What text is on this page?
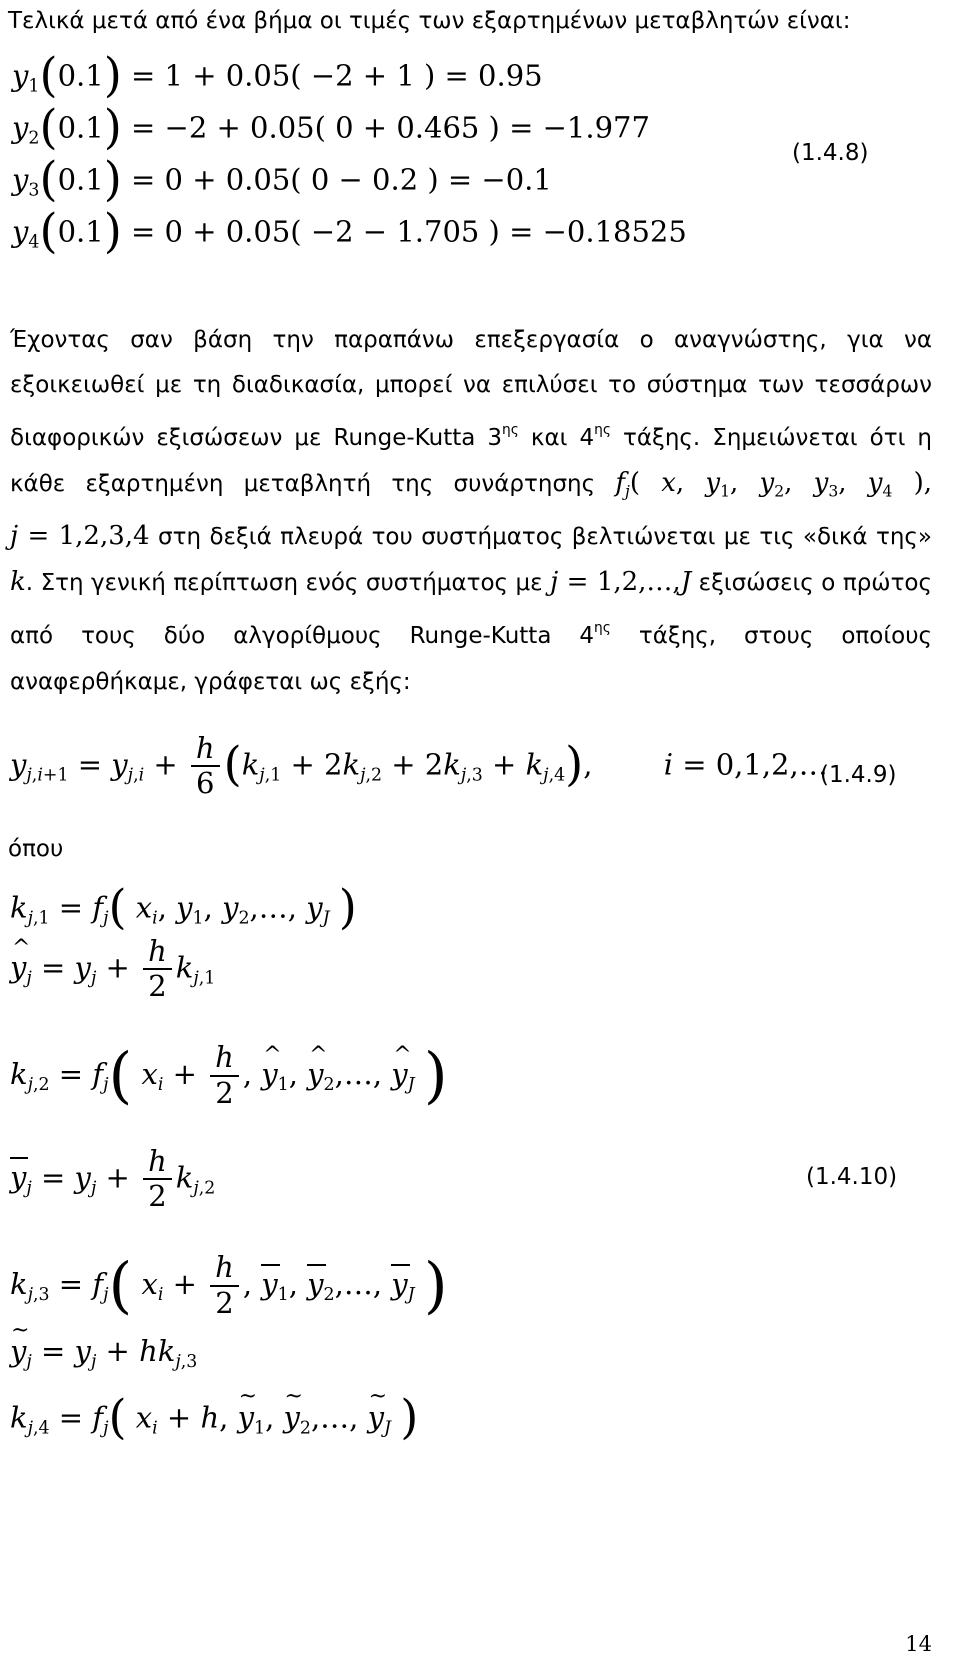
Τελικά μετά από ένα βήμα οι τιμές των εξαρτημένων μεταβλητών είναι:
$y_1(0.1) = 1 + 0.05( -2 + 1$ ) = 0.95
$y_2(0.1) = -2 + 0.05$( 0 + 0.465 ) = −1.977
$y_3(0.1) = 0 + 0.05$( 0 − 0.2 ) = −0.1
$y_4(0.1) = 0 + 0.05( -2 - 1.705$ ) = −0.18525
(1.4.8)
Έχοντας σαν βάση την παραπάνω επεξεργασία ο αναγνώστης, για να εξοικειωθεί με τη διαδικασία, μπορεί να επιλύσει το σύστημα των τεσσάρων διαφορικών εξισώσεων με Runge-Kutta $3^{\eta\varsigma}$ και $4^{\eta\varsigma}$ τάξης. Σημειώνεται ότι η κάθε εξαρτημένη μεταβλητή της συνάρτησης $f_j$( x, $y_1$, $y_2$, $y_3$, $y_4$ ), j = 1,2,3,4 στη δεξιά πλευρά του συστήματος βελτιώνεται με τις «δικά της» k. Στη γενική περίπτωση ενός συστήματος με j = 1,2,…,J εξισώσεις ο πρώτος από τους δύο αλγορίθμους Runge-Kutta $4^{\eta\varsigma}$ τάξης, στους οποίους αναφερθήκαμε, γράφεται ως εξής:
$y_{j,i+1} = y_{j,i} + \frac{h}{6} (k_{j,1} + 2k_{j,2} + 2k_{j,3} + k_{j,4})$, i = 0,1,2,…
(1.4.9)
όπου
$k_{j,1} = f_j$( $x_i$, $y_1$, $y_2,\dots$, $y_J$ )
y $\^{}_j = y_j + \frac{h}{2} k_{j,1}$
$k_{j,2} = f_j$( $x_i + \frac{h}{2}$ , y $\^{}_1$, y $\^{}_2,\dots$, y $\^{}_J$ )
$y_j = y_j + \frac{h}{2} k_{j,2}$	(1.4.10)
$k_{j,3} = f_j$( $x_i + \frac{h}{2}$ , $y_1$, $y_2,\dots$, $y_J$ )
y $\sim_j = y_j + hk_{j,3}$
$k_{j,4} = f_j$( $x_i + h$, y $\sim_1$, y $\sim_2,\dots$, y $\sim_J$ )
14
